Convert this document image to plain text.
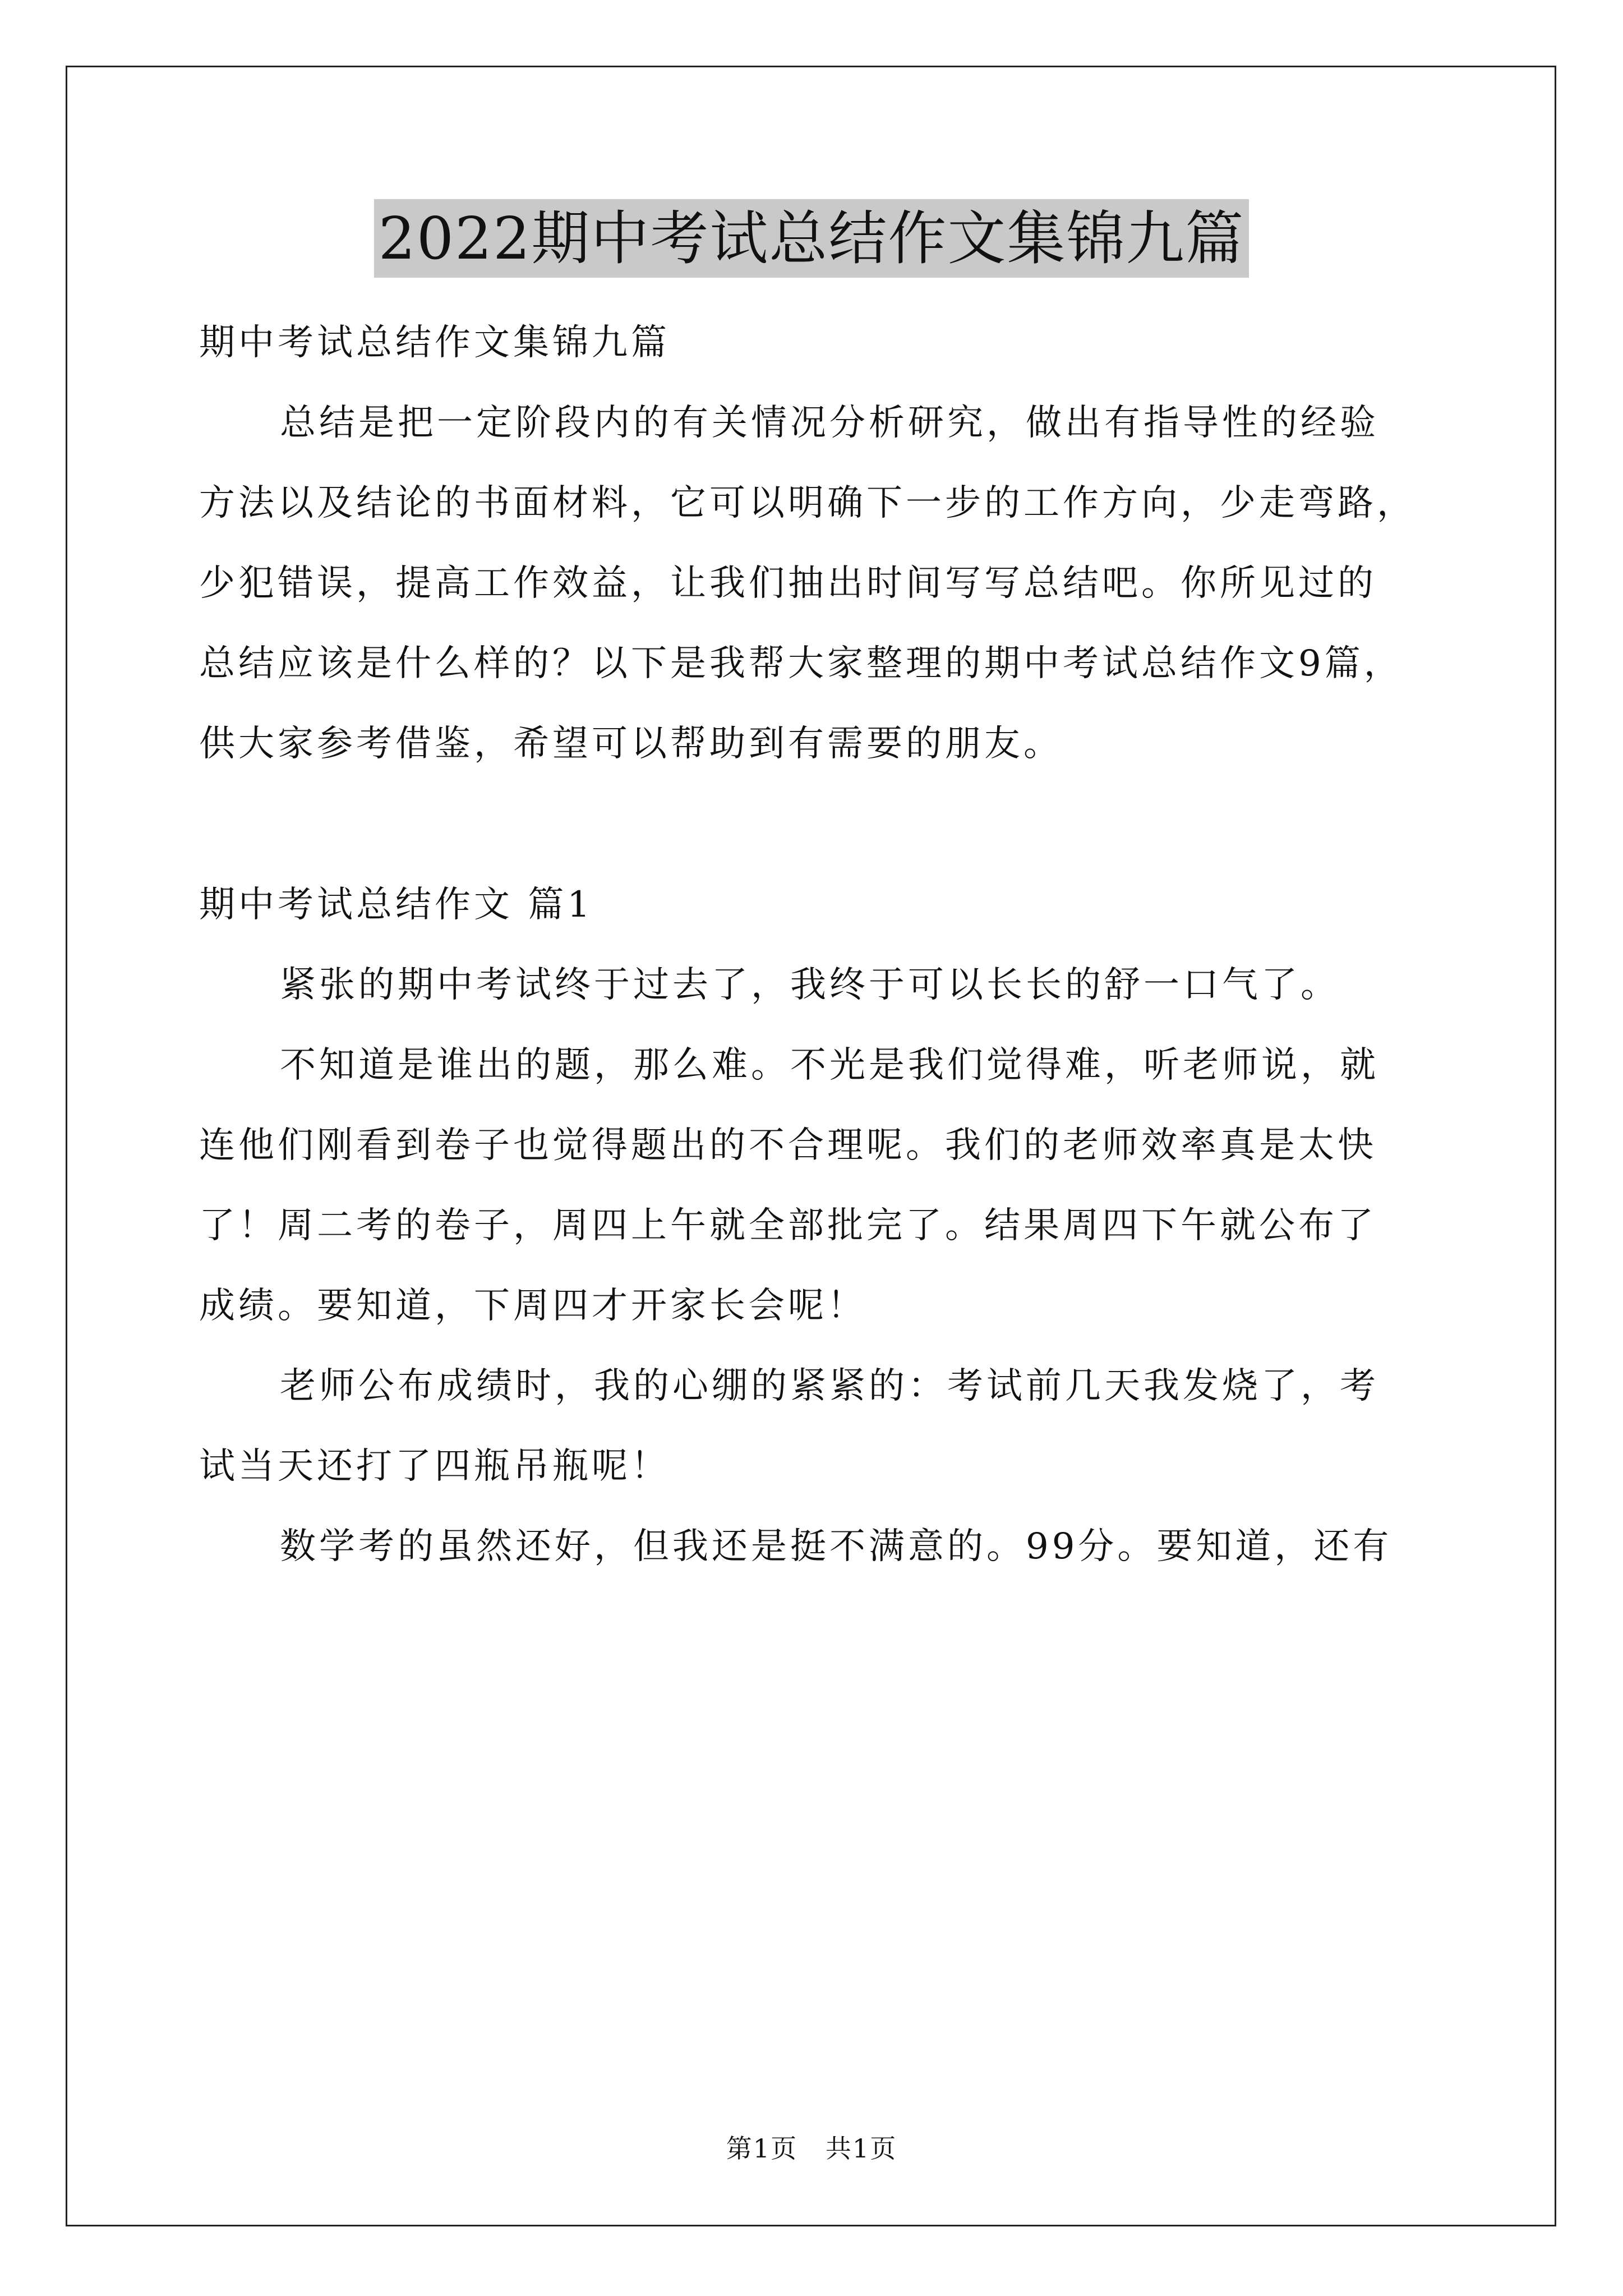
2022期中考试总结作文集锦九篇

期中考试总结作文集锦九篇

总结是把一定阶段内的有关情况分析研究，做出有指导性的经验

方法以及结论的书面材料，它可以明确下一步的工作方向，少走弯路，

少犯错误，提高工作效益，让我们抽出时间写写总结吧。你所见过的

总结应该是什么样的？以下是我帮大家整理的期中考试总结作文9篇，

供大家参考借鉴，希望可以帮助到有需要的朋友。

期中考试总结作文 篇1

紧张的期中考试终于过去了，我终于可以长长的舒一口气了。

不知道是谁出的题，那么难。不光是我们觉得难，听老师说，就

连他们刚看到卷子也觉得题出的不合理呢。我们的老师效率真是太快

了！周二考的卷子，周四上午就全部批完了。结果周四下午就公布了

成绩。要知道，下周四才开家长会呢！

老师公布成绩时，我的心绷的紧紧的：考试前几天我发烧了，考

试当天还打了四瓶吊瓶呢！

数学考的虽然还好，但我还是挺不满意的。99分。要知道，还有

第1页   共1页
